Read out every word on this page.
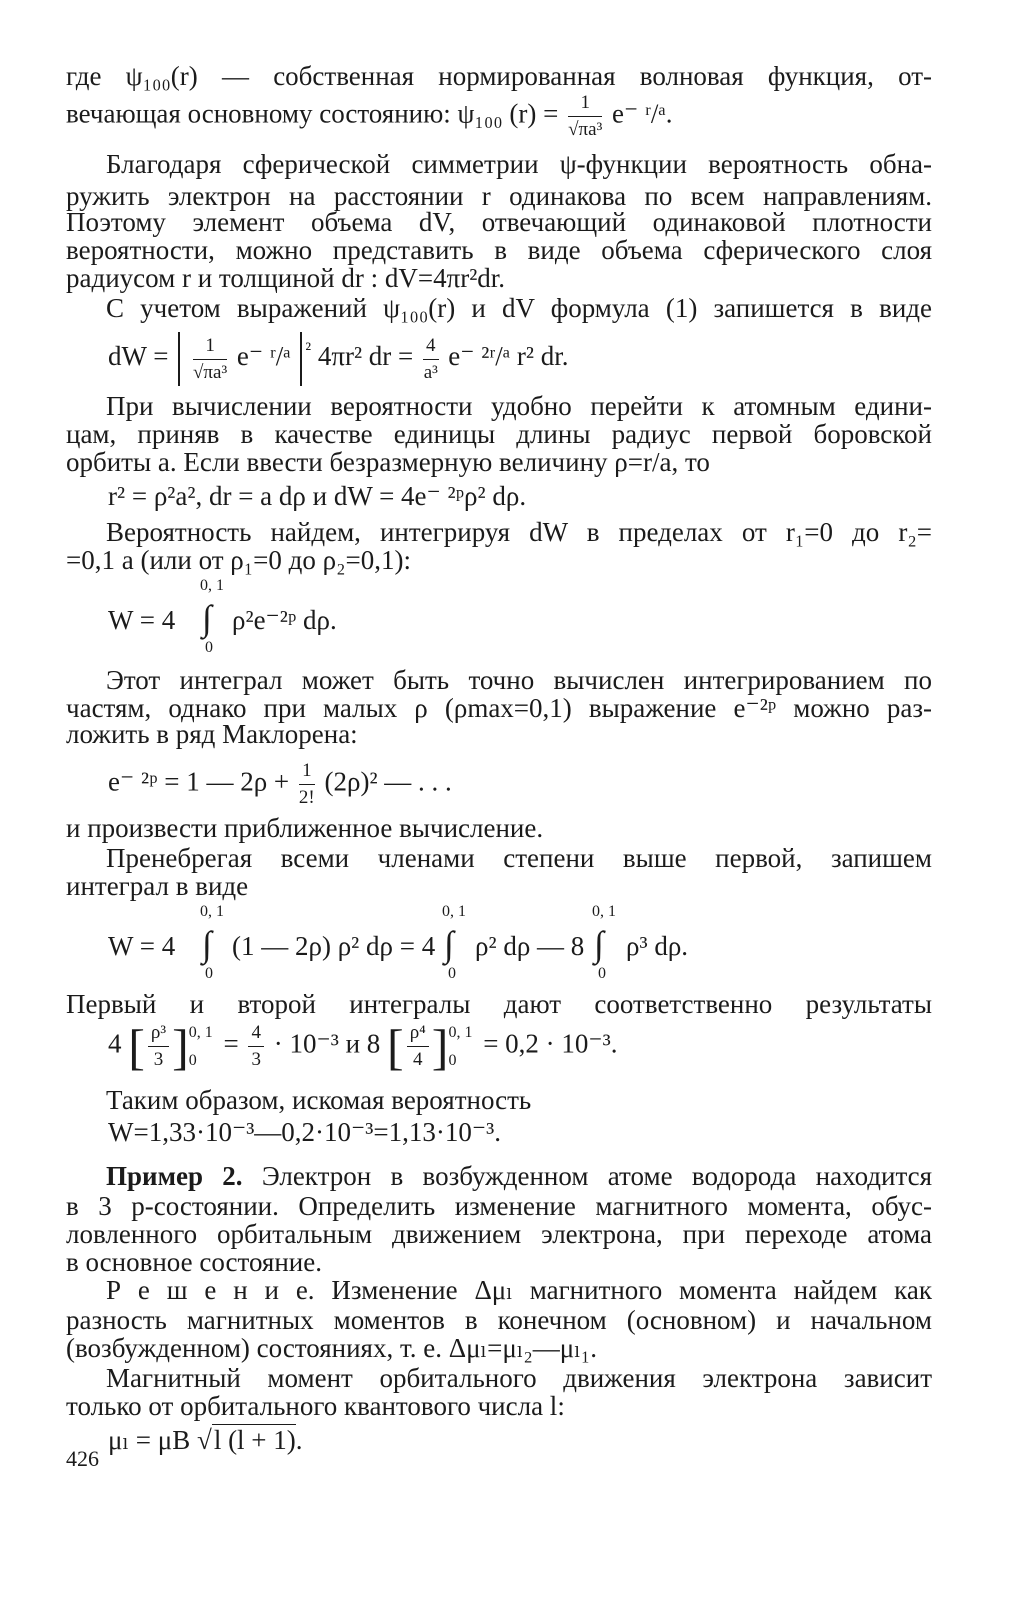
где ψ₁₀₀(r) — собственная нормированная волновая функция, от-
вечающая основному состоянию: ψ₁₀₀ $(r) = \frac{1}{\text{√πa³}} e^-$ ʳ/ᵃ.
Благодаря сферической симметрии ψ-функции вероятность обна-
ружить электрон на расстоянии r одинакова по всем направлениям.
Поэтому элемент объема dV, отвечающий одинаковой плотности
вероятности, можно представить в виде объема сферического слоя
радиусом r и толщиной dr : dV=4πr²dr.
С учетом выражений ψ₁₀₀(r) и dV формула (1) запишется в виде
dW = $\frac{1}{\text{√πa³}} e^-$ ʳ/ᵃ $^{^2}$ 4πr² dr = $\frac{4}{\text{a³}} e^-$ ²ʳ/ᵃ r² dr.
При вычислении вероятности удобно перейти к атомным едини-
цам, приняв в качестве единицы длины радиус первой боровской
орбиты a. Если ввести безразмерную величину ρ=r/a, то
r² = ρ²a², dr = a dρ и dW = 4e⁻ ²ᵖρ² dρ.
Вероятность найдем, интегрируя dW в пределах от r₁=0 до r₂=
=0,1 a (или от ρ₁=0 до ρ₂=0,1):
W = 4
0, 1
∫
0
ρ²e⁻²ᵖ dρ.
Этот интеграл может быть точно вычислен интегрированием по
частям, однако при малых ρ (ρmax=0,1) выражение e⁻²ᵖ можно раз-
ложить в ряд Маклорена:
e⁻ ²ᵖ = 1 — $2\rho + \frac{1}{2!} (2\rho)^2$ — . . .
и произвести приближенное вычисление.
Пренебрегая всеми членами степени выше первой, запишем
интеграл в виде
W = 4
0, 1
∫
0
(1 — 2ρ) ρ² dρ = 4
0, 1
∫
0
ρ² dρ — 8
0, 1
∫
0
ρ³ dρ.
Первый и второй интегралы дают соответственно результаты
4 [ $\frac{\text{ρ³}}{3}$ ] 0, 1
0
= $\frac{4}{3} \cdot 10^{-3}$ и 8 [ $\frac{\text{ρ⁴}}{4}$ ] 0, 1
0
= 0,2 · 10⁻³.
Таким образом, искомая вероятность
W=1,33·10⁻³—0,2·10⁻³=1,13·10⁻³.
Пример 2. Электрон в возбужденном атоме водорода находится
в 3 p-состоянии. Определить изменение магнитного момента, обус-
ловленного орбитальным движением электрона, при переходе атома
в основное состояние.
Р е ш е н и е. Изменение Δμₗ магнитного момента найдем как
разность магнитных моментов в конечном (основном) и начальном
(возбужденном) состояниях, т. е. Δμₗ=μₗ₂—μₗ₁.
Магнитный момент орбитального движения электрона зависит
только от орбитального квантового числа l:
μₗ = μB √l (l + 1).
426
